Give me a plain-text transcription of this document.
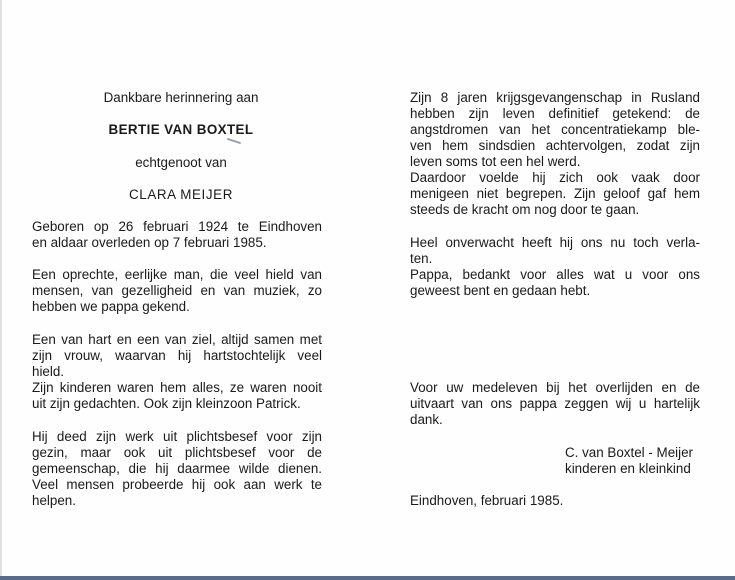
Dankbare herinnering aan
BERTIE VAN BOXTEL
echtgenoot van
CLARA MEIJER
Geboren op 26 februari 1924 te Eindhoven
en aldaar overleden op 7 februari 1985.
Een oprechte, eerlijke man, die veel hield van
mensen, van gezelligheid en van muziek, zo
hebben we pappa gekend.
Een van hart en een van ziel, altijd samen met
zijn vrouw, waarvan hij hartstochtelijk veel
hield.
Zijn kinderen waren hem alles, ze waren nooit
uit zijn gedachten. Ook zijn kleinzoon Patrick.
Hij deed zijn werk uit plichtsbesef voor zijn
gezin, maar ook uit plichtsbesef voor de
gemeenschap, die hij daarmee wilde dienen.
Veel mensen probeerde hij ook aan werk te
helpen.
Zijn 8 jaren krijgsgevangenschap in Rusland
hebben zijn leven definitief getekend: de
angstdromen van het concentratiekamp ble-
ven hem sindsdien achtervolgen, zodat zijn
leven soms tot een hel werd.
Daardoor voelde hij zich ook vaak door
menigeen niet begrepen. Zijn geloof gaf hem
steeds de kracht om nog door te gaan.
Heel onverwacht heeft hij ons nu toch verla-
ten.
Pappa, bedankt voor alles wat u voor ons
geweest bent en gedaan hebt.
Voor uw medeleven bij het overlijden en de
uitvaart van ons pappa zeggen wij u hartelijk
dank.
C. van Boxtel - Meijer
kinderen en kleinkind
Eindhoven, februari 1985.
